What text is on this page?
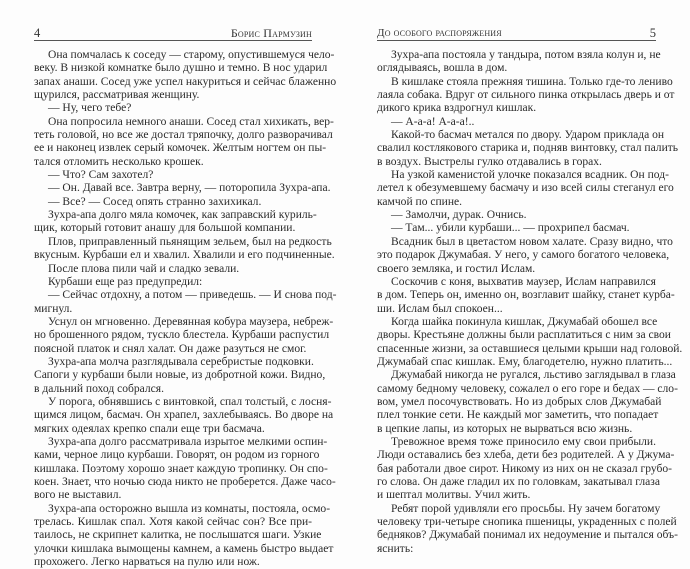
4	Борис Пармузин
Она помчалась к соседу — старому, опустившемуся чело-
веку. В низкой комнатке было душно и темно. В нос ударил
запах анаши. Сосед уже успел накуриться и сейчас блаженно
щурился, рассматривая женщину.
— Ну, чего тебе?
Она попросила немного анаши. Сосед стал хихикать, вер-
теть головой, но все же достал тряпочку, долго разворачивал
ее и наконец извлек серый комочек. Желтым ногтем он пы-
тался отломить несколько крошек.
— Что? Сам захотел?
— Он. Давай все. Завтра верну, — поторопила Зухра-апа.
— Все? — Сосед опять странно захихикал.
Зухра-апа долго мяла комочек, как заправский куриль-
щик, который готовит анашу для большой компании.
Плов, приправленный пьянящим зельем, был на редкость
вкусным. Курбаши ел и хвалил. Хвалили и его подчиненные.
После плова пили чай и сладко зевали.
Курбаши еще раз предупредил:
— Сейчас отдохну, а потом — приведешь. — И снова под-
мигнул.
Уснул он мгновенно. Деревянная кобура маузера, небреж-
но брошенного рядом, тускло блестела. Курбаши распустил
поясной платок и снял халат. Он даже разуться не смог.
Зухра-апа молча разглядывала серебристые подковки.
Сапоги у курбаши были новые, из добротной кожи. Видно,
в дальний поход собрался.
У порога, обнявшись с винтовкой, спал толстый, с лосня-
щимся лицом, басмач. Он храпел, захлебываясь. Во дворе на
мягких одеялах крепко спали еще три басмача.
Зухра-апа долго рассматривала изрытое мелкими оспин-
ками, черное лицо курбаши. Говорят, он родом из горного
кишлака. Поэтому хорошо знает каждую тропинку. Он спо-
коен. Знает, что ночью сюда никто не проберется. Даже часо-
вого не выставил.
Зухра-апа осторожно вышла из комнаты, постояла, осмо-
трелась. Кишлак спал. Хотя какой сейчас сон? Все при-
таилось, не скрипнет калитка, не послышатся шаги. Узкие
улочки кишлака вымощены камнем, а камень быстро выдает
прохожего. Легко нарваться на пулю или нож.
До особого распоряжения	5
Зухра-апа постояла у тандыра, потом взяла колун и, не
оглядываясь, вошла в дом.
В кишлаке стояла прежняя тишина. Только где-то лениво
лаяла собака. Вдруг от сильного пинка открылась дверь и от
дикого крика вздрогнул кишлак.
— А-а-а! А-а-а!..
Какой-то басмач метался по двору. Ударом приклада он
свалил костлякового старика и, подняв винтовку, стал палить
в воздух. Выстрелы гулко отдавались в горах.
На узкой каменистой улочке показался всадник. Он под-
летел к обезумевшему басмачу и изо всей силы стеганул его
камчой по спине.
— Замолчи, дурак. Очнись.
— Там... убили курбаши... — прохрипел басмач.
Всадник был в цветастом новом халате. Сразу видно, что
это подарок Джумабая. У него, у самого богатого человека,
своего земляка, и гостил Ислам.
Соскочив с коня, выхватив маузер, Ислам направился
в дом. Теперь он, именно он, возглавит шайку, станет курба-
ши. Ислам был спокоен...
Когда шайка покинула кишлак, Джумабай обошел все
дворы. Крестьяне должны были расплатиться с ним за свои
спасенные жизни, за оставшиеся целыми крыши над головой.
Джумабай спас кишлак. Ему, благодетелю, нужно платить...
Джумабай никогда не ругался, льстиво заглядывал в глаза
самому бедному человеку, сожалел о его горе и бедах — сло-
вом, умел посочувствовать. Но из добрых слов Джумабай
плел тонкие сети. Не каждый мог заметить, что попадает
в цепкие лапы, из которых не вырваться всю жизнь.
Тревожное время тоже приносило ему свои прибыли.
Люди оставались без хлеба, дети без родителей. А у Джума-
бая работали двое сирот. Никому из них он не сказал грубо-
го слова. Он даже гладил их по головкам, закатывал глаза
и шептал молитвы. Учил жить.
Ребят порой удивляли его просьбы. Ну зачем богатому
человеку три-четыре снопика пшеницы, украденных с полей
бедняков? Джумабай понимал их недоумение и пытался объ-
яснить:
